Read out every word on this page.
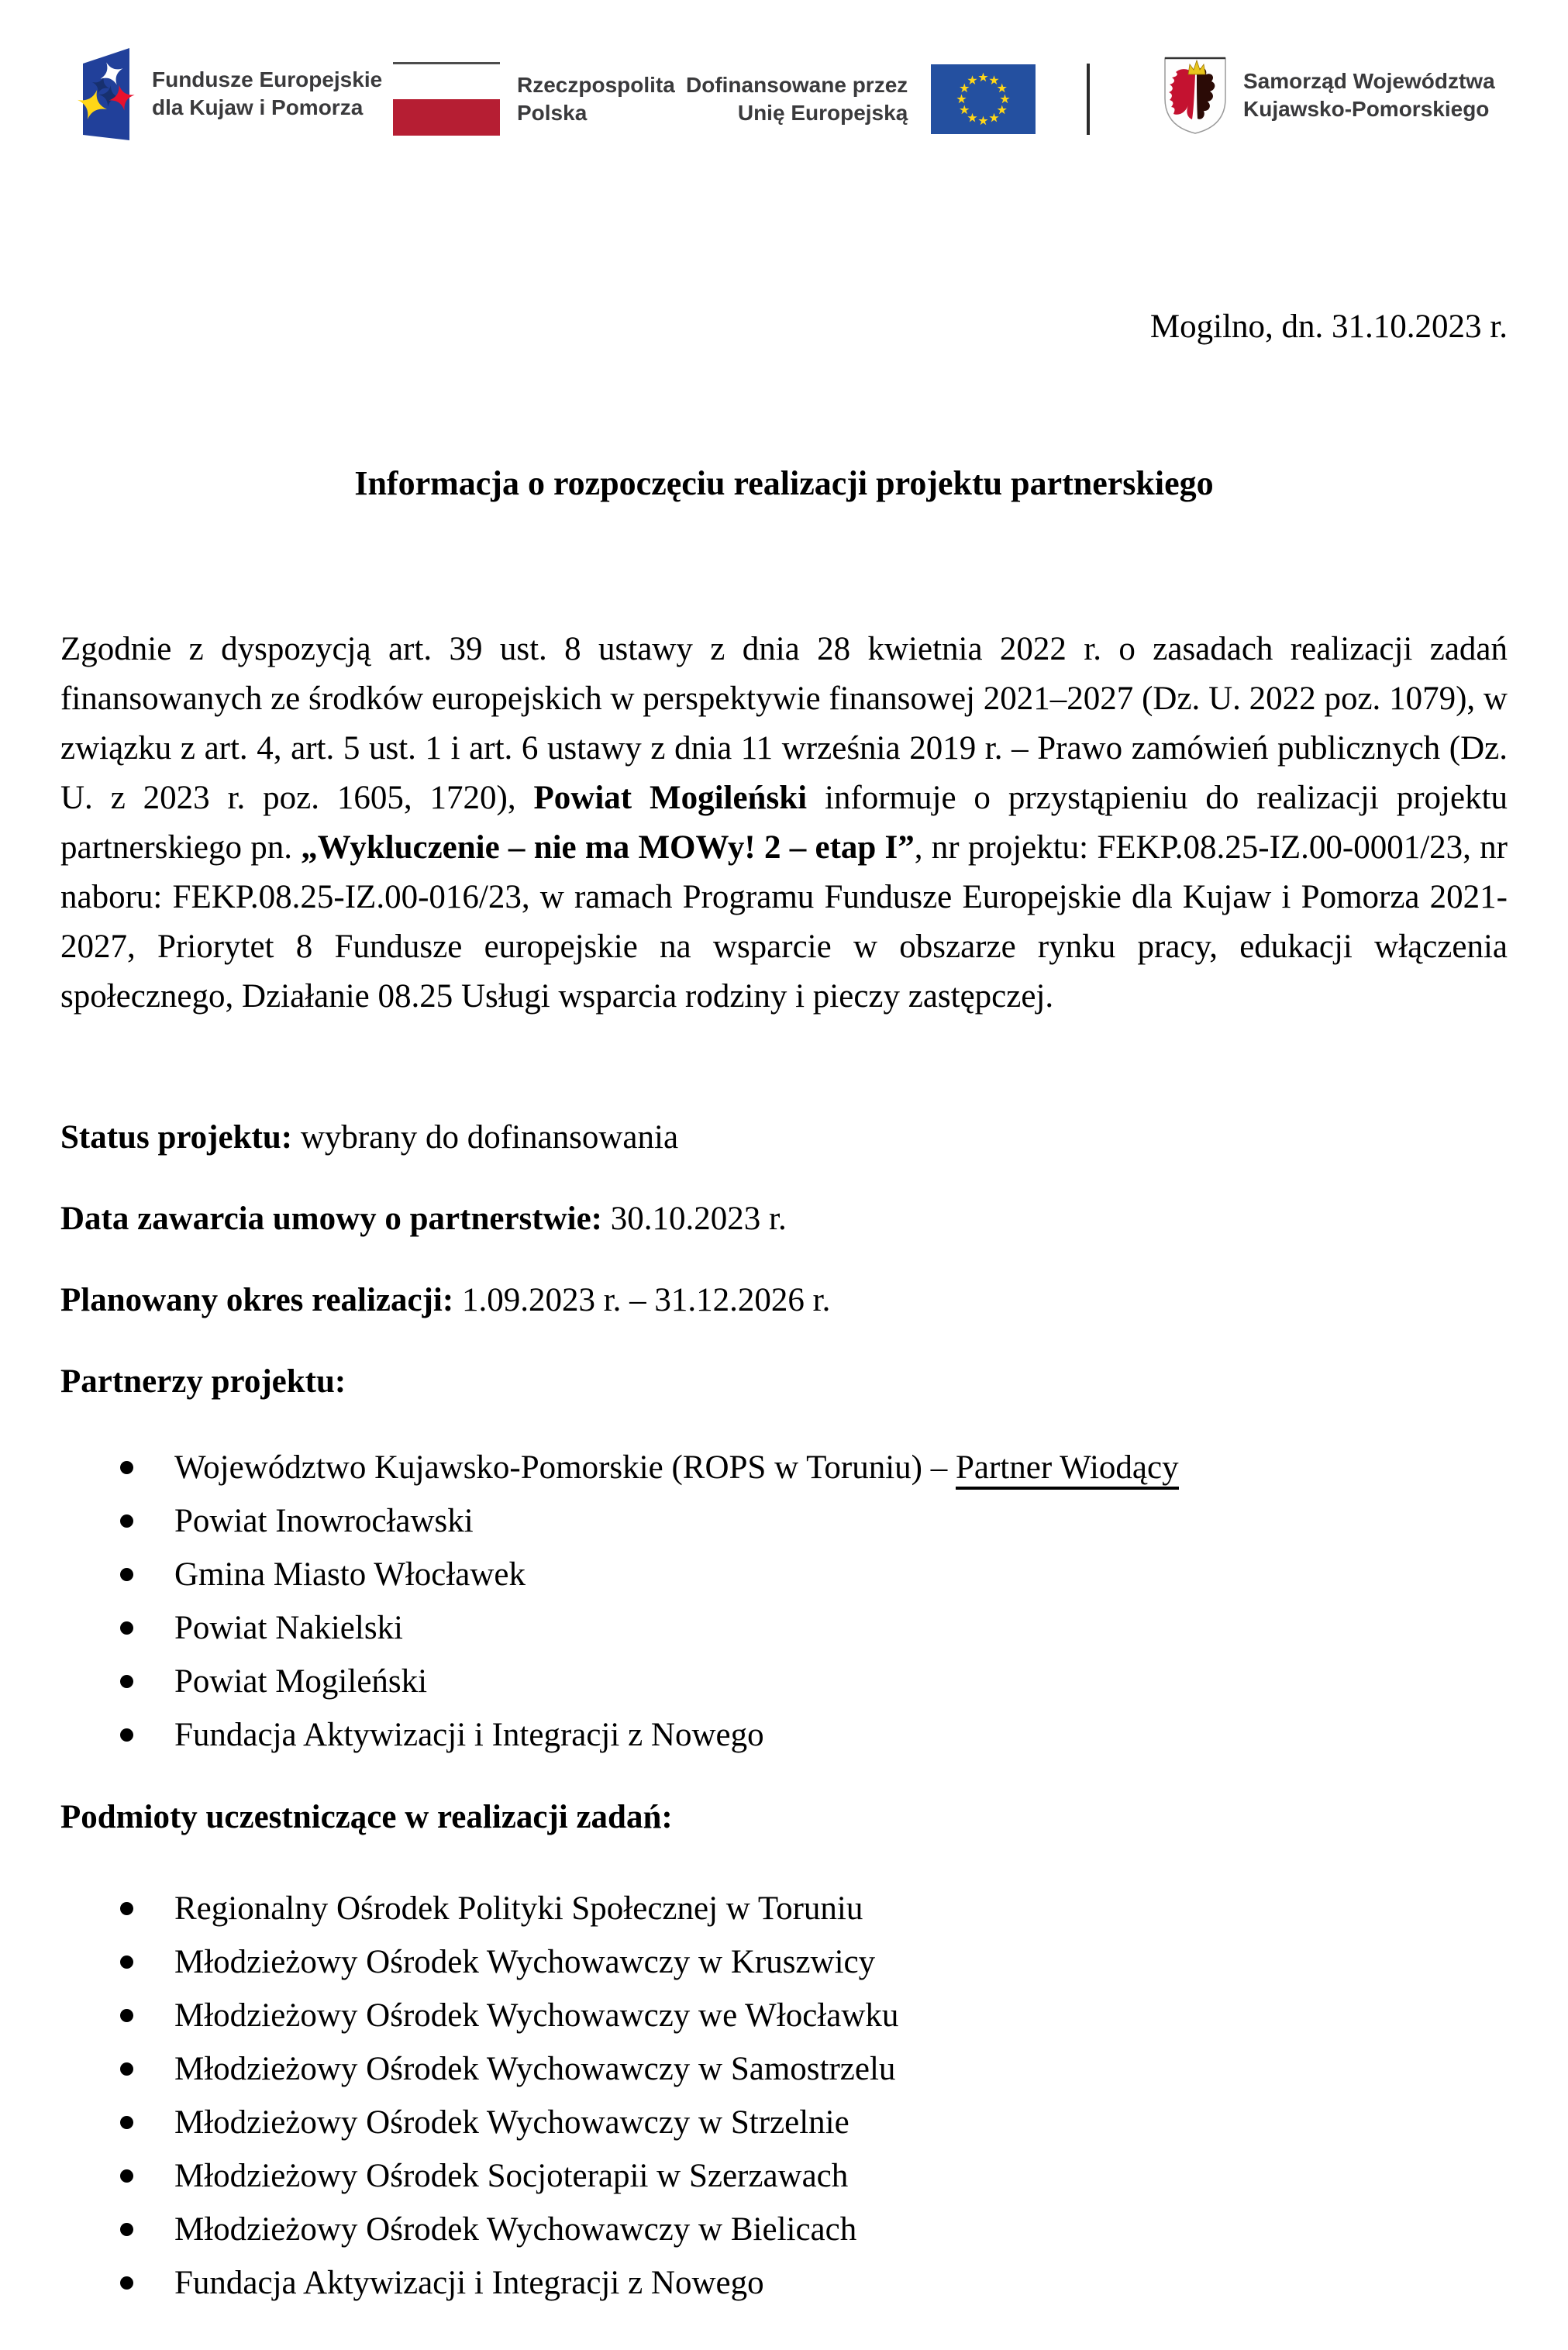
Fundusze Europejskie
dla Kujaw i Pomorza
Rzeczpospolita
Polska
Dofinansowane przez
Unię Europejską
Samorząd Województwa
Kujawsko-Pomorskiego

Mogilno, dn. 31.10.2023 r.

Informacja o rozpoczęciu realizacji projektu partnerskiego

Zgodnie z dyspozycją art. 39 ust. 8 ustawy z dnia 28 kwietnia 2022 r. o zasadach realizacji zadań finansowanych ze środków europejskich w perspektywie finansowej 2021–2027 (Dz. U. 2022 poz. 1079), w związku z art. 4, art. 5 ust. 1 i art. 6 ustawy z dnia 11 września 2019 r. – Prawo zamówień publicznych (Dz. U. z 2023 r. poz. 1605, 1720), Powiat Mogileński informuje o przystąpieniu do realizacji projektu partnerskiego pn. „Wykluczenie – nie ma MOWy! 2 – etap I”, nr projektu: FEKP.08.25-IZ.00-0001/23, nr naboru: FEKP.08.25-IZ.00-016/23, w ramach Programu Fundusze Europejskie dla Kujaw i Pomorza 2021- 2027, Priorytet 8 Fundusze europejskie na wsparcie w obszarze rynku pracy, edukacji włączenia społecznego, Działanie 08.25 Usługi wsparcia rodziny i pieczy zastępczej.

Status projektu: wybrany do dofinansowania

Data zawarcia umowy o partnerstwie: 30.10.2023 r.

Planowany okres realizacji: 1.09.2023 r. – 31.12.2026 r.

Partnerzy projektu:
Województwo Kujawsko-Pomorskie (ROPS w Toruniu) – Partner Wiodący
Powiat Inowrocławski
Gmina Miasto Włocławek
Powiat Nakielski
Powiat Mogileński
Fundacja Aktywizacji i Integracji z Nowego
Podmioty uczestniczące w realizacji zadań:
Regionalny Ośrodek Polityki Społecznej w Toruniu
Młodzieżowy Ośrodek Wychowawczy w Kruszwicy
Młodzieżowy Ośrodek Wychowawczy we Włocławku
Młodzieżowy Ośrodek Wychowawczy w Samostrzelu
Młodzieżowy Ośrodek Wychowawczy w Strzelnie
Młodzieżowy Ośrodek Socjoterapii w Szerzawach
Młodzieżowy Ośrodek Wychowawczy w Bielicach
Fundacja Aktywizacji i Integracji z Nowego
